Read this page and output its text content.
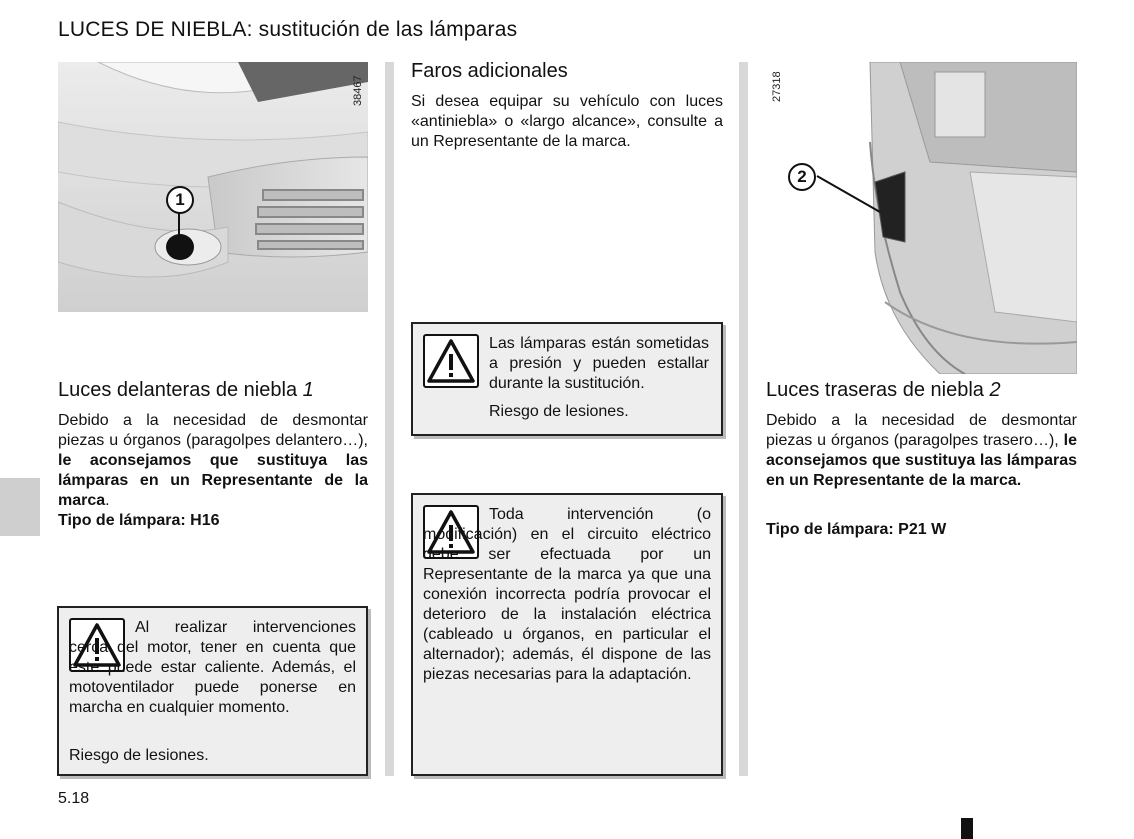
LUCES DE NIEBLA: sustitución de las lámparas
1
38467
Luces delanteras de niebla 1

Debido a la necesidad de desmontar piezas u órganos (paragolpes delantero…), le aconsejamos que sustituya las lámparas en un Representante de la marca.
Tipo de lámpara: H16

Al realizar intervenciones cerca del motor, tener en cuenta que este puede estar caliente. Además, el motoventilador puede ponerse en marcha en cualquier momento.

Riesgo de lesiones.

Faros adicionales

Si desea equipar su vehículo con luces «antiniebla» o «largo alcance», consulte a un Representante de la marca.

Las lámparas están sometidas a presión y pueden estallar durante la sustitución.

Riesgo de lesiones.

Toda intervención (o modificación) en el circuito eléctrico debe ser efectuada por un Representante de la marca ya que una conexión incorrecta podría provocar el deterioro de la instalación eléctrica (cableado u órganos, en particular el alternador); además, él dispone de las piezas necesarias para la adaptación.

2
27318
Luces traseras de niebla 2

Debido a la necesidad de desmontar piezas u órganos (paragolpes trasero…), le aconsejamos que sustituya las lámparas en un Representante de la marca.

Tipo de lámpara: P21 W

5.18
